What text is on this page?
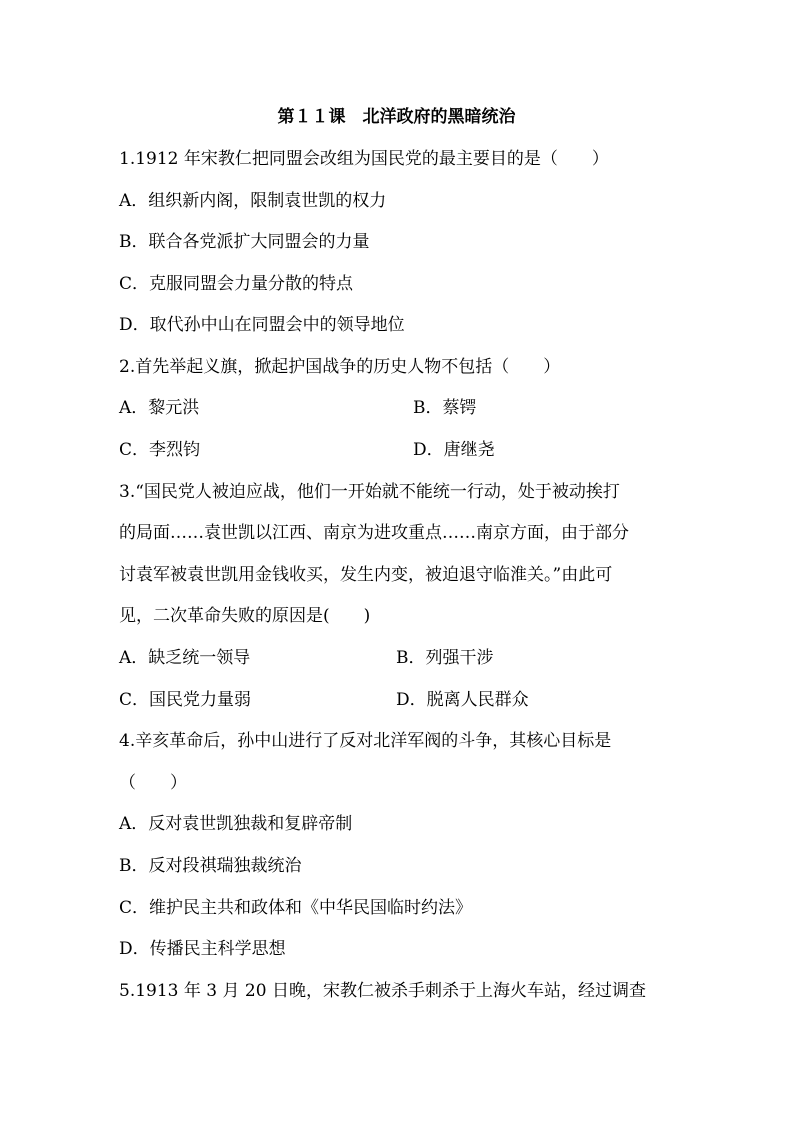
第１１课　北洋政府的黑暗统治
1.1912 年宋教仁把同盟会改组为国民党的最主要目的是（　　）
A．组织新内阁，限制袁世凯的权力
B．联合各党派扩大同盟会的力量
C．克服同盟会力量分散的特点
D．取代孙中山在同盟会中的领导地位
2.首先举起义旗，掀起护国战争的历史人物不包括（　　）
A．黎元洪	B．蔡锷
C．李烈钧	D．唐继尧
3.“国民党人被迫应战，他们一开始就不能统一行动，处于被动挨打
的局面……袁世凯以江西、南京为进攻重点……南京方面，由于部分
讨袁军被袁世凯用金钱收买，发生内变，被迫退守临淮关。”由此可
见，二次革命失败的原因是(　　)
A．缺乏统一领导	B．列强干涉
C．国民党力量弱	D．脱离人民群众
4.辛亥革命后，孙中山进行了反对北洋军阀的斗争，其核心目标是
（　　）
A．反对袁世凯独裁和复辟帝制
B．反对段祺瑞独裁统治
C．维护民主共和政体和《中华民国临时约法》
D．传播民主科学思想
5.1913 年 3 月 20 日晚，宋教仁被杀手刺杀于上海火车站，经过调查
